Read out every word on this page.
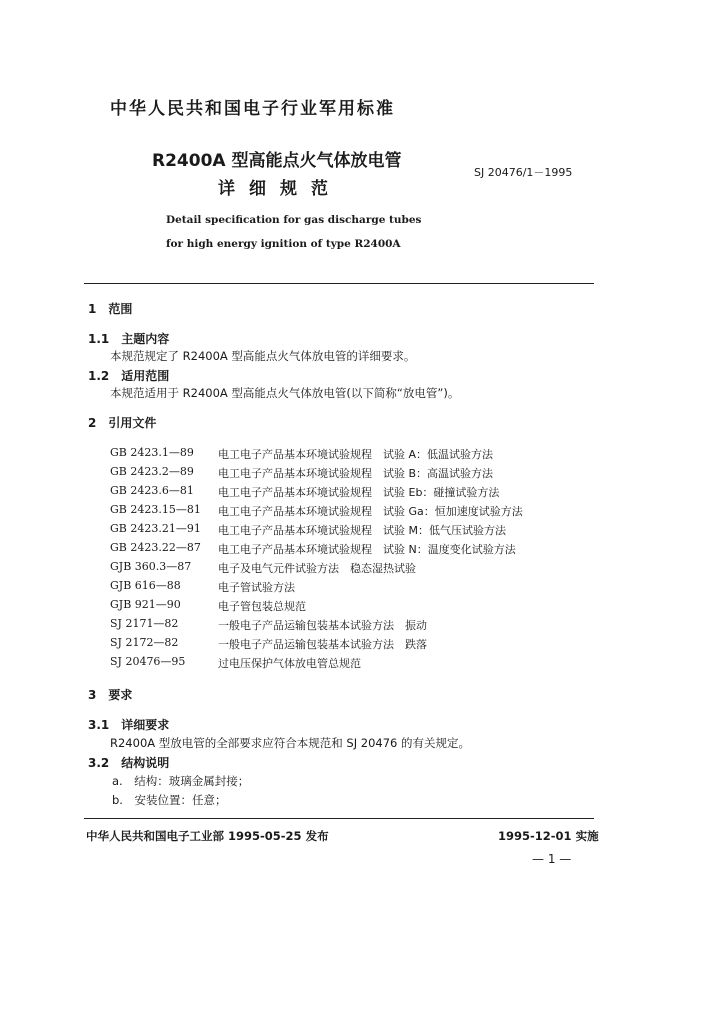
中华人民共和国电子行业军用标准
R2400A 型高能点火气体放电管
详细规范
SJ 20476/1－1995
Detail specification for gas discharge tubes
for high energy ignition of type R2400A
1　范围
1.1　主题内容
本规范规定了 R2400A 型高能点火气体放电管的详细要求。
1.2　适用范围
本规范适用于 R2400A 型高能点火气体放电管(以下简称“放电管”)。
2　引用文件
GB 2423.1—89 电工电子产品基本环境试验规程　试验 A：低温试验方法
GB 2423.2—89 电工电子产品基本环境试验规程　试验 B：高温试验方法
GB 2423.6—81 电工电子产品基本环境试验规程　试验 Eb：碰撞试验方法
GB 2423.15—81 电工电子产品基本环境试验规程　试验 Ga：恒加速度试验方法
GB 2423.21—91 电工电子产品基本环境试验规程　试验 M：低气压试验方法
GB 2423.22—87 电工电子产品基本环境试验规程　试验 N：温度变化试验方法
GJB 360.3—87 电子及电气元件试验方法　稳态湿热试验
GJB 616—88	电子管试验方法
GJB 921—90	电子管包装总规范
SJ 2171—82	一般电子产品运输包装基本试验方法　振动
SJ 2172—82	一般电子产品运输包装基本试验方法　跌落
SJ 20476—95	过电压保护气体放电管总规范
3　要求
3.1　详细要求
R2400A 型放电管的全部要求应符合本规范和 SJ 20476 的有关规定。
3.2　结构说明
a.　结构：玻璃金属封接；
b.　安装位置：任意；
中华人民共和国电子工业部 1995-05-25 发布	1995-12-01 实施
— 1 —
